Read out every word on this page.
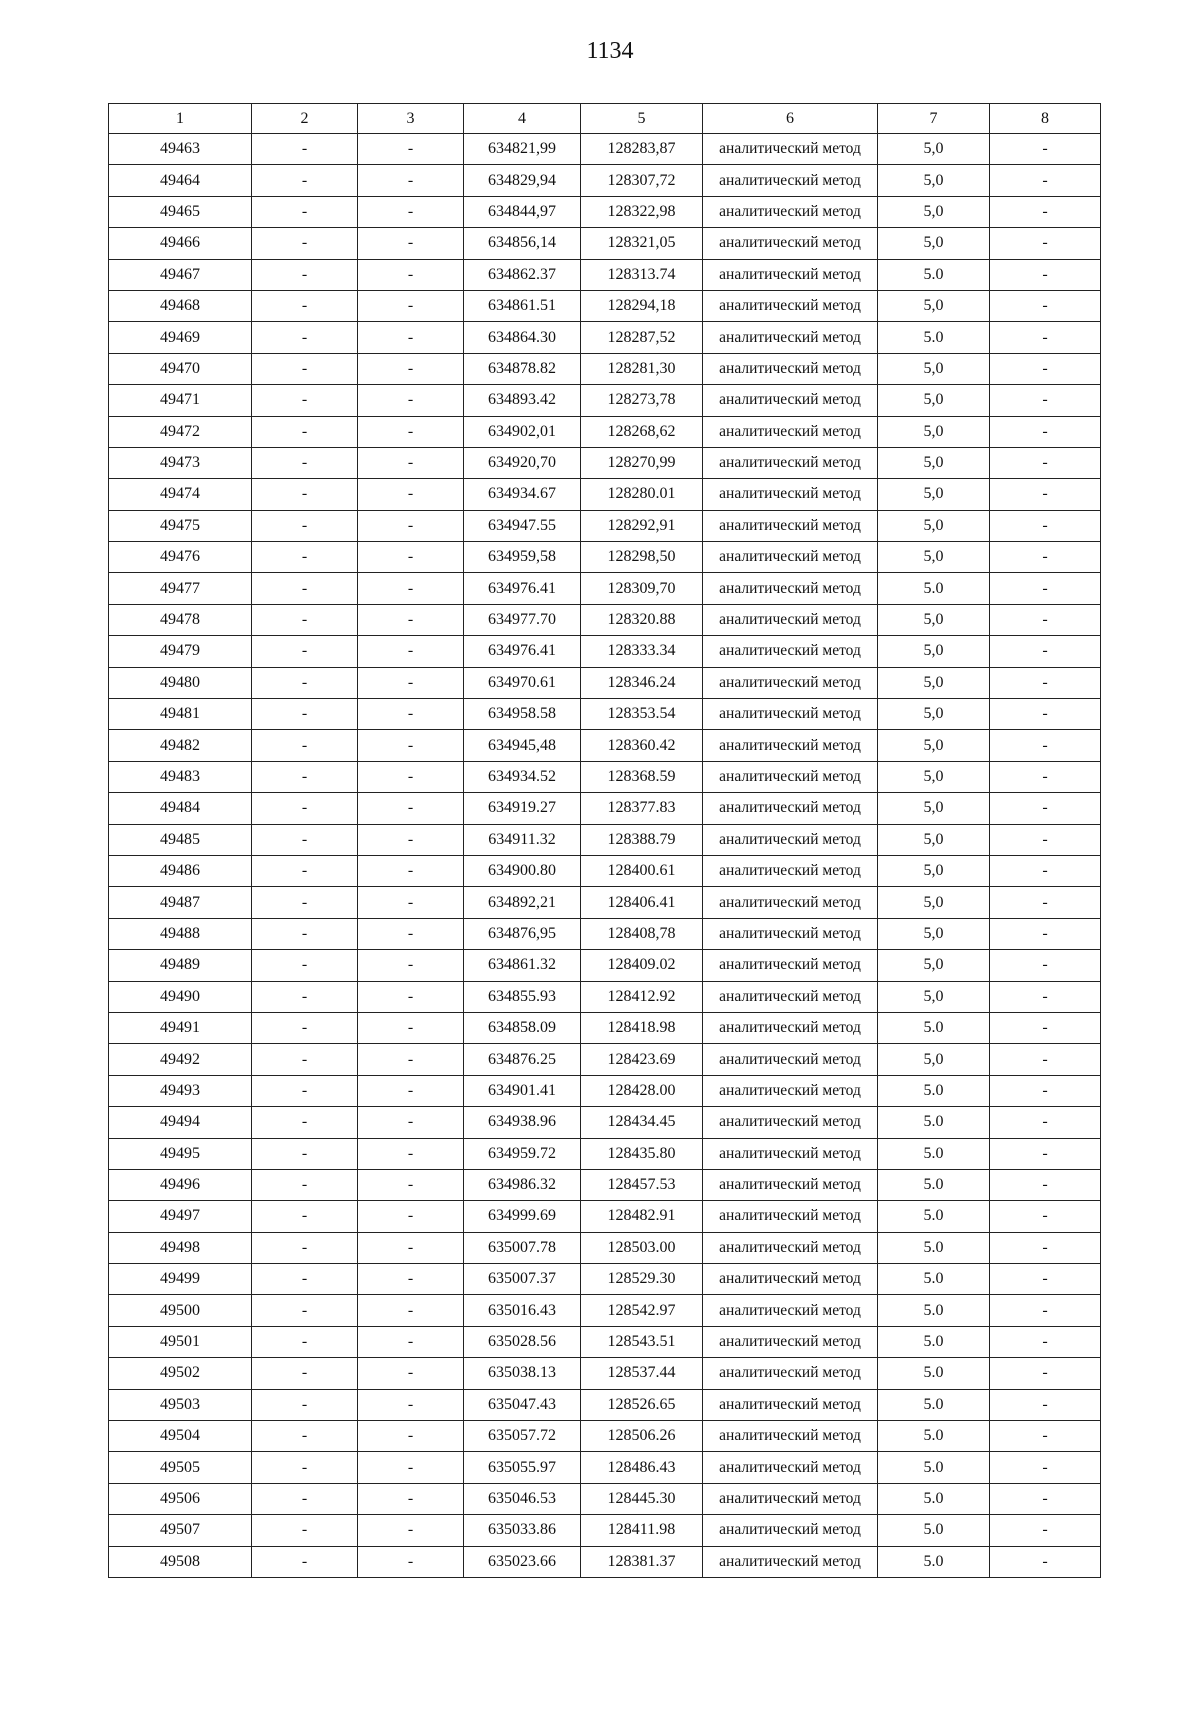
1134
1	2	3	4	5	6	7	8
49463	-	-	634821,99	128283,87	аналитический метод	5,0	-
49464	-	-	634829,94	128307,72	аналитический метод	5,0	-
49465	-	-	634844,97	128322,98	аналитический метод	5,0	-
49466	-	-	634856,14	128321,05	аналитический метод	5,0	-
49467	-	-	634862.37	128313.74	аналитический метод	5.0	-
49468	-	-	634861.51	128294,18	аналитический метод	5,0	-
49469	-	-	634864.30	128287,52	аналитический метод	5.0	-
49470	-	-	634878.82	128281,30	аналитический метод	5,0	-
49471	-	-	634893.42	128273,78	аналитический метод	5,0	-
49472	-	-	634902,01	128268,62	аналитический метод	5,0	-
49473	-	-	634920,70	128270,99	аналитический метод	5,0	-
49474	-	-	634934.67	128280.01	аналитический метод	5,0	-
49475	-	-	634947.55	128292,91	аналитический метод	5,0	-
49476	-	-	634959,58	128298,50	аналитический метод	5,0	-
49477	-	-	634976.41	128309,70	аналитический метод	5.0	-
49478	-	-	634977.70	128320.88	аналитический метод	5,0	-
49479	-	-	634976.41	128333.34	аналитический метод	5,0	-
49480	-	-	634970.61	128346.24	аналитический метод	5,0	-
49481	-	-	634958.58	128353.54	аналитический метод	5,0	-
49482	-	-	634945,48	128360.42	аналитический метод	5,0	-
49483	-	-	634934.52	128368.59	аналитический метод	5,0	-
49484	-	-	634919.27	128377.83	аналитический метод	5,0	-
49485	-	-	634911.32	128388.79	аналитический метод	5,0	-
49486	-	-	634900.80	128400.61	аналитический метод	5,0	-
49487	-	-	634892,21	128406.41	аналитический метод	5,0	-
49488	-	-	634876,95	128408,78	аналитический метод	5,0	-
49489	-	-	634861.32	128409.02	аналитический метод	5,0	-
49490	-	-	634855.93	128412.92	аналитический метод	5,0	-
49491	-	-	634858.09	128418.98	аналитический метод	5.0	-
49492	-	-	634876.25	128423.69	аналитический метод	5,0	-
49493	-	-	634901.41	128428.00	аналитический метод	5.0	-
49494	-	-	634938.96	128434.45	аналитический метод	5.0	-
49495	-	-	634959.72	128435.80	аналитический метод	5.0	-
49496	-	-	634986.32	128457.53	аналитический метод	5.0	-
49497	-	-	634999.69	128482.91	аналитический метод	5.0	-
49498	-	-	635007.78	128503.00	аналитический метод	5.0	-
49499	-	-	635007.37	128529.30	аналитический метод	5.0	-
49500	-	-	635016.43	128542.97	аналитический метод	5.0	-
49501	-	-	635028.56	128543.51	аналитический метод	5.0	-
49502	-	-	635038.13	128537.44	аналитический метод	5.0	-
49503	-	-	635047.43	128526.65	аналитический метод	5.0	-
49504	-	-	635057.72	128506.26	аналитический метод	5.0	-
49505	-	-	635055.97	128486.43	аналитический метод	5.0	-
49506	-	-	635046.53	128445.30	аналитический метод	5.0	-
49507	-	-	635033.86	128411.98	аналитический метод	5.0	-
49508	-	-	635023.66	128381.37	аналитический метод	5.0	-
